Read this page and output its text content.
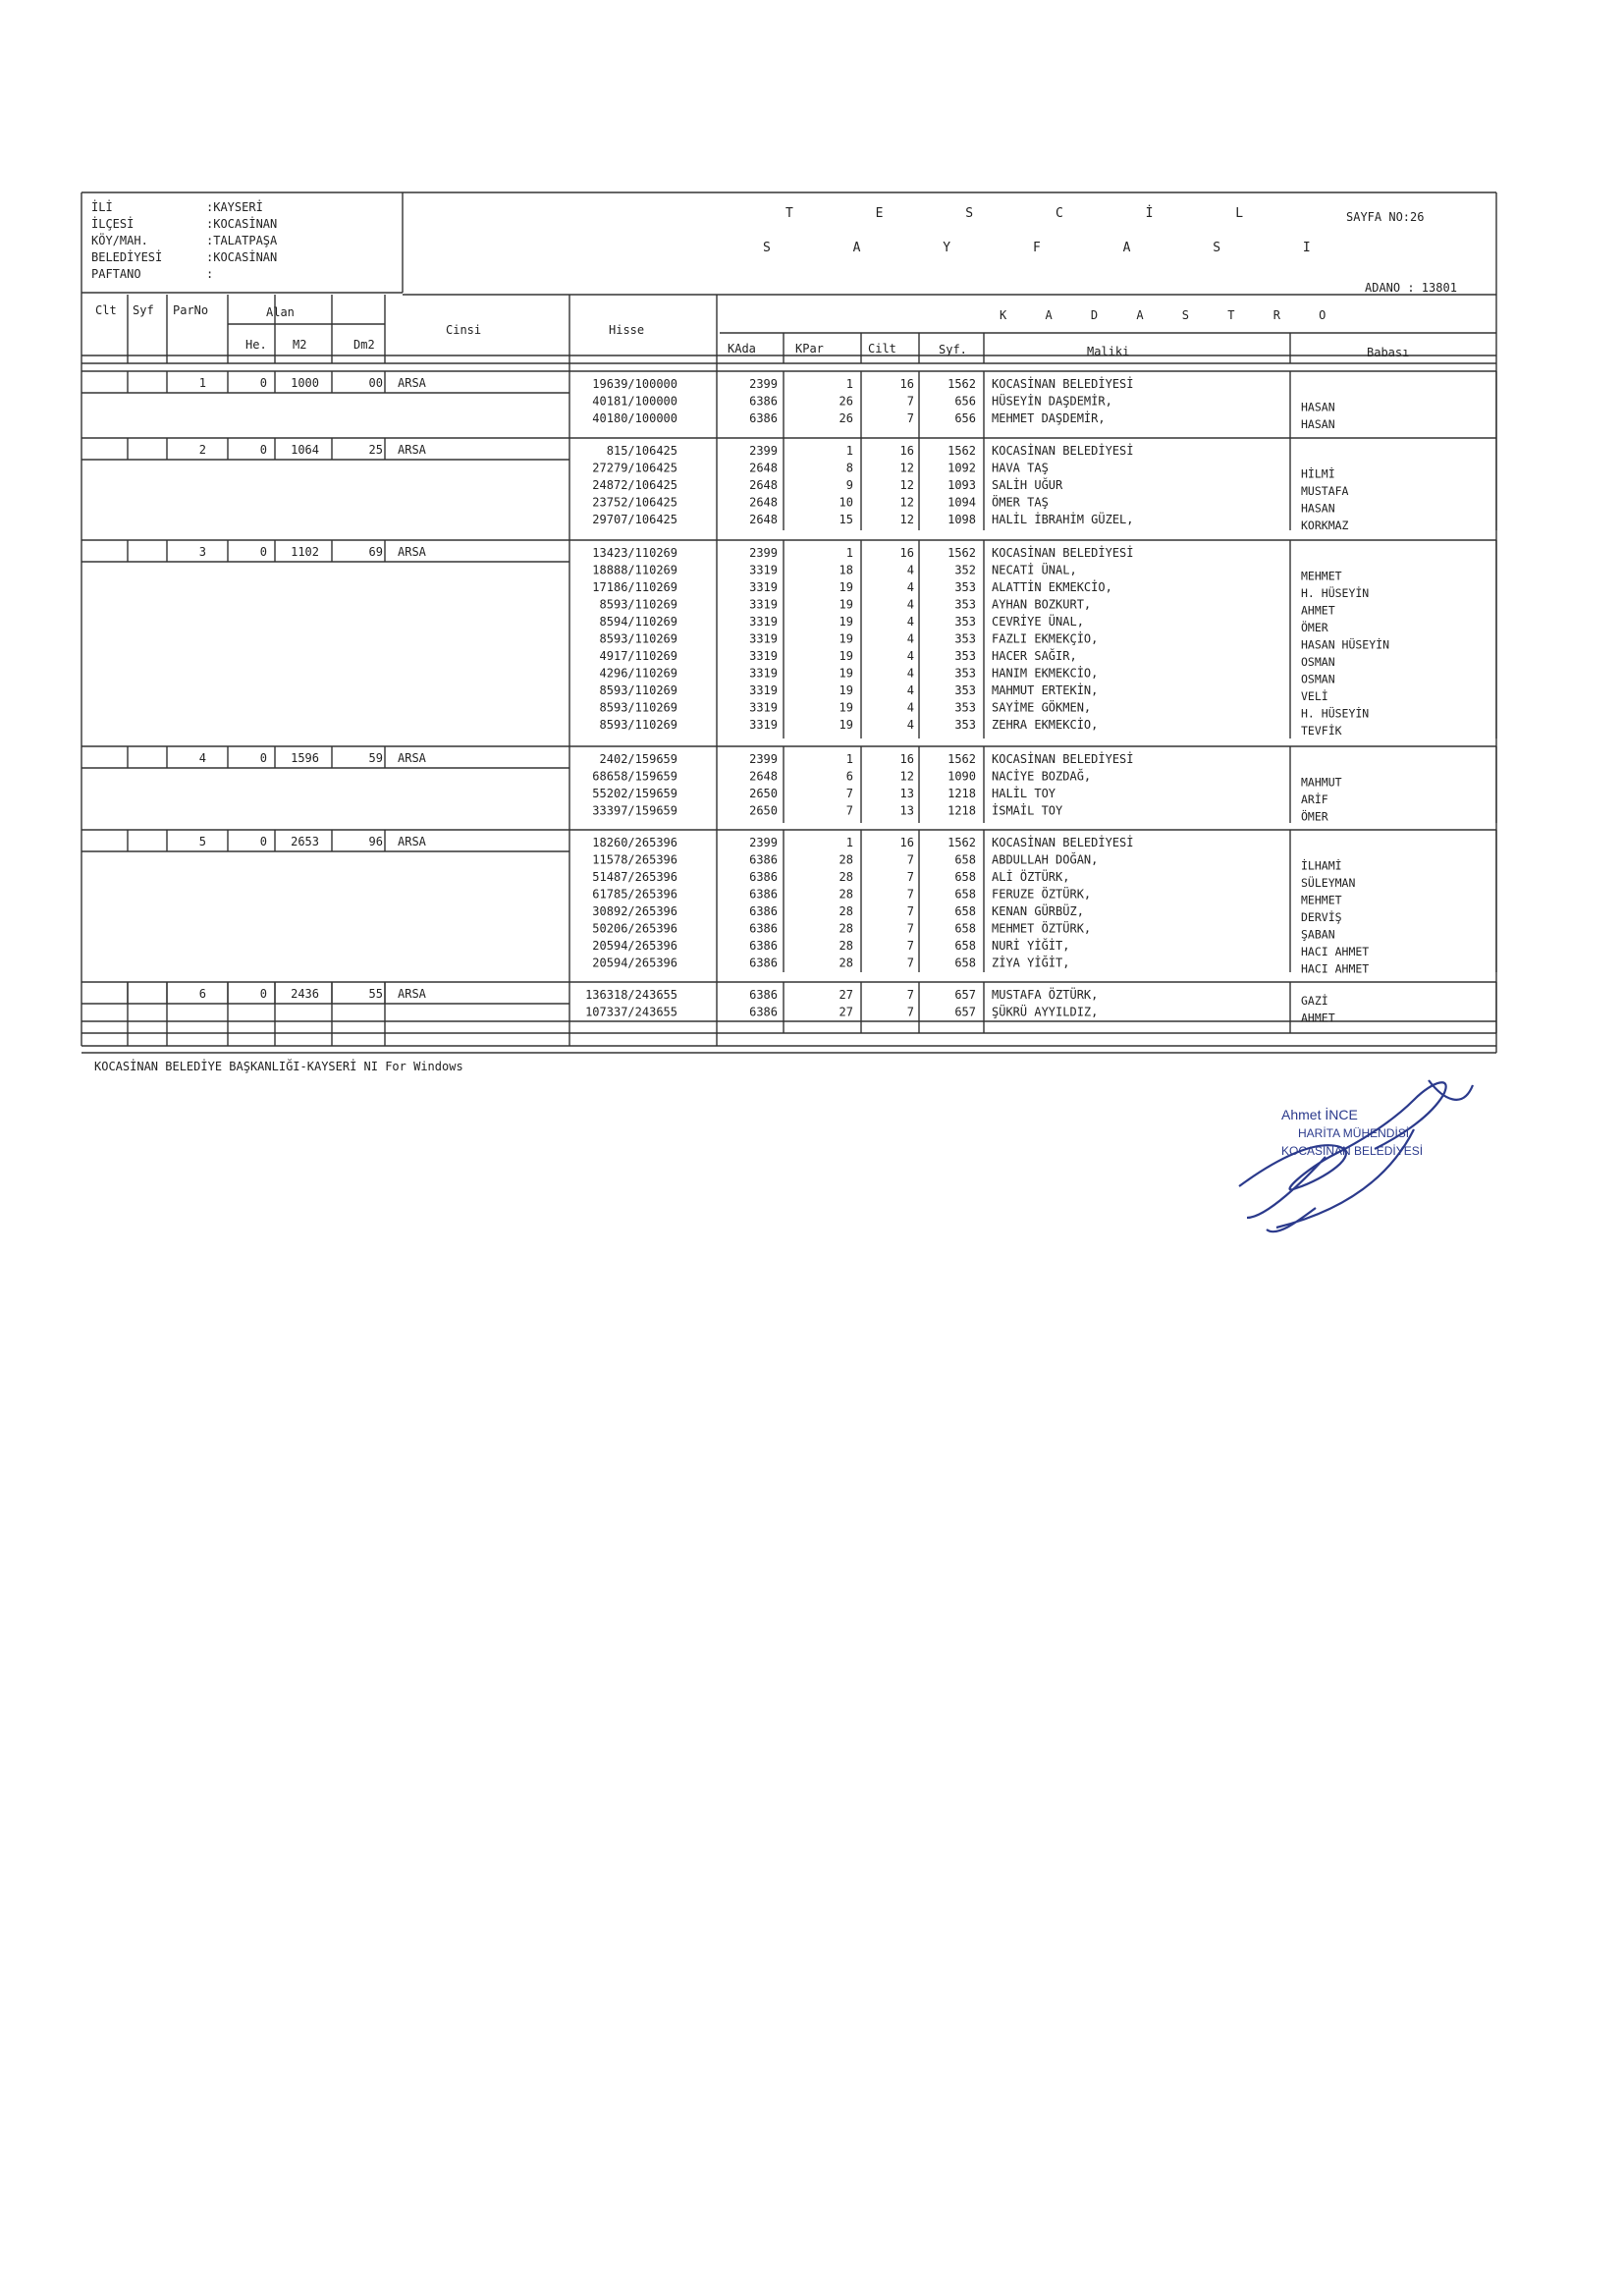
İLİ	:KAYSERİ
İLÇESİ	:KOCASİNAN
KÖY/MAH.	:TALATPAŞA
BELEDİYESİ	:KOCASİNAN
PAFTANO	:
T E S C İ L
S A Y F A S I
SAYFA NO:26
ADANO : 13801
Clt Syf ParNo	Alan
He. M2	Dm2
Cinsi	Hisse
K A D A S T R O
KAda	KPar	Cilt	Syf.	Maliki	Babası
1	0 1000	00 ARSA	19639/100000	2399	1	16	1562 KOCASİNAN BELEDİYESİ
40181/100000	6386	26	7	656 HÜSEYİN DAŞDEMİR,	HASAN
40180/100000	6386	26	7	656 MEHMET DAŞDEMİR,	HASAN
2	0 1064	25 ARSA	815/106425	2399	1	16	1562 KOCASİNAN BELEDİYESİ
27279/106425	2648	8	12	1092 HAVA TAŞ	HİLMİ
24872/106425	2648	9	12	1093 SALİH UĞUR	MUSTAFA
23752/106425	2648	10	12	1094 ÖMER TAŞ	HASAN
29707/106425	2648	15	12	1098 HALİL İBRAHİM GÜZEL,	KORKMAZ
3	0 1102	69 ARSA	13423/110269	2399	1	16	1562 KOCASİNAN BELEDİYESİ
18888/110269	3319	18	4	352 NECATİ ÜNAL,	MEHMET
17186/110269	3319	19	4	353 ALATTİN EKMEKCİO,	H. HÜSEYİN
8593/110269	3319	19	4	353 AYHAN BOZKURT,	AHMET
8594/110269	3319	19	4	353 CEVRİYE ÜNAL,	ÖMER
8593/110269	3319	19	4	353 FAZLI EKMEKÇİO,	HASAN HÜSEYİN
4917/110269	3319	19	4	353 HACER SAĞIR,	OSMAN
4296/110269	3319	19	4	353 HANIM EKMEKCİO,	OSMAN
8593/110269	3319	19	4	353 MAHMUT ERTEKİN,	VELİ
8593/110269	3319	19	4	353 SAYİME GÖKMEN,	H. HÜSEYİN
8593/110269	3319	19	4	353 ZEHRA EKMEKCİO,	TEVFİK
4	0 1596	59 ARSA	2402/159659	2399	1	16	1562 KOCASİNAN BELEDİYESİ
68658/159659	2648	6	12	1090 NACİYE BOZDAĞ,	MAHMUT
55202/159659	2650	7	13	1218 HALİL TOY	ARİF
33397/159659	2650	7	13	1218 İSMAİL TOY	ÖMER
5	0 2653	96 ARSA	18260/265396	2399	1	16	1562 KOCASİNAN BELEDİYESİ
11578/265396	6386	28	7	658 ABDULLAH DOĞAN,	İLHAMİ
51487/265396	6386	28	7	658 ALİ ÖZTÜRK,	SÜLEYMAN
61785/265396	6386	28	7	658 FERUZE ÖZTÜRK,	MEHMET
30892/265396	6386	28	7	658 KENAN GÜRBÜZ,	DERVİŞ
50206/265396	6386	28	7	658 MEHMET ÖZTÜRK,	ŞABAN
20594/265396	6386	28	7	658 NURİ YİĞİT,	HACI AHMET
20594/265396	6386	28	7	658 ZİYA YİĞİT,	HACI AHMET
6	0 2436	55 ARSA	136318/243655	6386	27	7	657 MUSTAFA ÖZTÜRK,	GAZİ
107337/243655	6386	27	7	657 ŞÜKRÜ AYYILDIZ,	AHMET
KOCASİNAN BELEDİYE BAŞKANLIĞI-KAYSERİ NI For Windows
Ahmet İNCE
HARİTA MÜHENDİSİ
KOCASİNAN BELEDİYESİ
